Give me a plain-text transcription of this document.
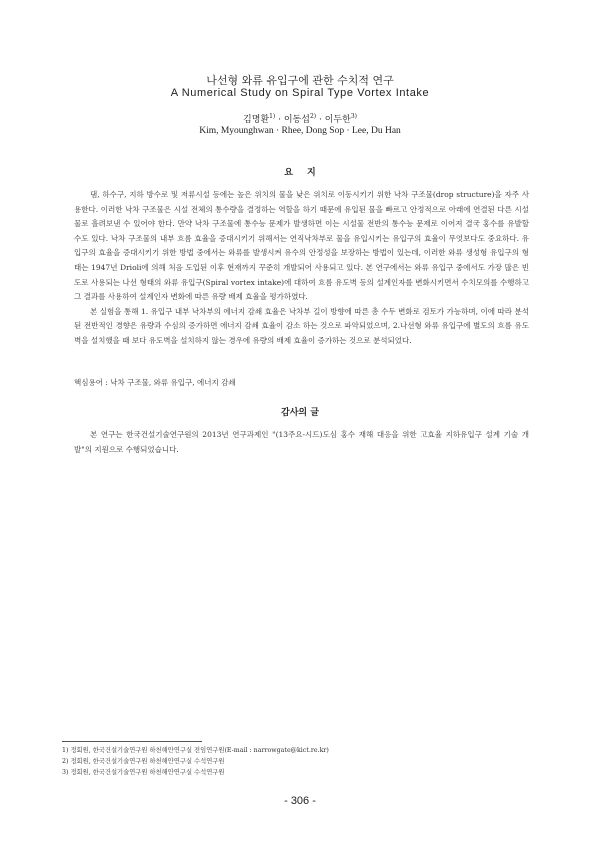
나선형 와류 유입구에 관한 수치적 연구
A Numerical Study on Spiral Type Vortex Intake
김명환$^{1)}$ · 이동섭$^{2)}$ · 이두한$^{3)}$
Kim, Myounghwan · Rhee, Dong Sop · Lee, Du Han
요지

댐, 하수구, 지하 방수로 및 저류시설 등에는 높은 위치의 물을 낮은 위치로 이동시키기 위한 낙차 구조물(drop structure)을 자주 사용한다. 이러한 낙차 구조물은 시설 전체의 통수량을 결정하는 역할을 하기 때문에 유입된 물을 빠르고 안정적으로 아래에 연결된 다른 시설물로 흘려보낸 수 있어야 한다. 만약 낙차 구조물에 통수능 문제가 발생하면 이는 시설물 전반의 통수능 문제로 이어져 결국 홍수를 유발할 수도 있다. 낙차 구조물의 내부 흐름 효율을 증대시키기 위해서는 연직낙차부로 물을 유입시키는 유입구의 효율이 무엇보다도 중요하다. 유입구의 효율을 증대시키기 위한 방법 중에서는 와류를 발생시켜 유수의 안정성을 보장하는 방법이 있는데, 이러한 와류 생성형 유입구의 형태는 1947년 Drioli에 의해 처음 도입된 이후 현재까지 꾸준히 개발되어 사용되고 있다. 본 연구에서는 와류 유입구 중에서도 가장 많은 빈도로 사용되는 나선 형태의 와류 유입구(Spiral vortex intake)에 대하여 흐름 유도벽 등의 설계인자를 변화시키면서 수치모의를 수행하고 그 결과를 사용하여 설계인자 변화에 따른 유량 배제 효율을 평가하였다.

본 실험을 통해 1. 유입구 내부 낙차부의 에너지 감쇄 효율은 낙차부 길이 방향에 따른 총 수두 변화로 검토가 가능하며, 이에 따라 분석된 전반적인 경향은 유량과 수심의 증가하면 에너지 감쇄 효율이 감소 하는 것으로 파악되었으며, 2.나선형 와류 유입구에 별도의 흐름 유도벽을 설치했을 때 보다 유도벽을 설치하지 않는 경우에 유량의 배제 효율이 증가하는 것으로 분석되었다.

핵심용어 : 낙차 구조물, 와류 유입구, 에너지 감쇄
감사의 글

본 연구는 한국건설기술연구원의 2013년 연구과제인 "(13주요-시드)도심 홍수 재해 대응을 위한 고효율 지하유입구 설계 기술 개발"의 지원으로 수행되었습니다.

1) 정회원, 한국건설기술연구원 하천해안연구실 전임연구원(E-mail : narrowgate@kict.re.kr)
2) 정회원, 한국건설기술연구원 하천해안연구실 수석연구원
3) 정회원, 한국건설기술연구원 하천해안연구실 수석연구원
- 306 -
